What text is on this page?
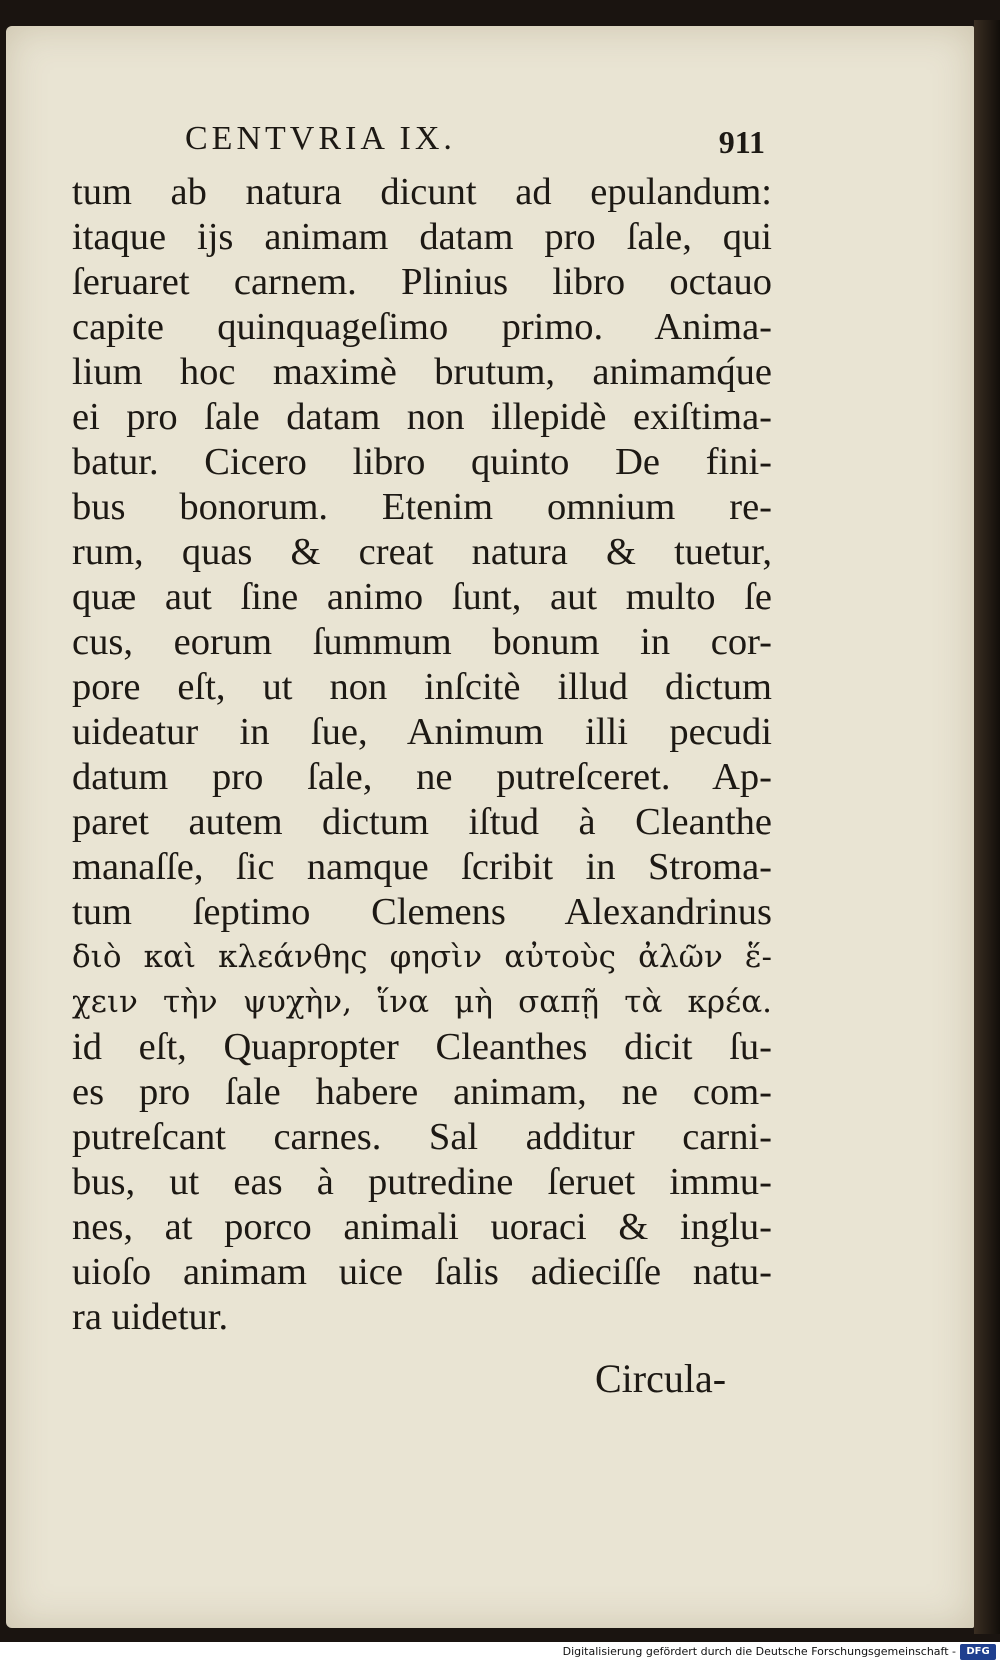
CENTVRIA IX.	911
tum ab natura dicunt ad epulandum:
itaque ijs animam datam pro ſale, qui
ſeruaret carnem. Plinius libro octauo
capite quinquageſimo primo. Anima-
lium hoc maximè brutum, animamq́ue
ei pro ſale datam non illepidè exiſtima-
batur. Cicero libro quinto De fini-
bus bonorum. Etenim omnium re-
rum, quas & creat natura & tuetur,
quæ aut ſine animo ſunt, aut multo ſe
cus, eorum ſummum bonum in cor-
pore eſt, ut non inſcitè illud dictum
uideatur in ſue, Animum illi pecudi
datum pro ſale, ne putreſceret. Ap-
paret autem dictum iſtud à Cleanthe
manaſſe, ſic namque ſcribit in Stroma-
tum ſeptimo Clemens Alexandrinus
διὸ καὶ κλεάνθης φησὶν αὐτοὺς ἀλῶν ἕ-
χειν τὴν ψυχὴν, ἵνα μὴ σαπῇ τὰ κρέα.
id eſt, Quapropter Cleanthes dicit ſu-
es pro ſale habere animam, ne com-
putreſcant carnes. Sal additur carni-
bus, ut eas à putredine ſeruet immu-
nes, at porco animali uoraci & inglu-
uioſo animam uice ſalis adieciſſe natu-
ra uidetur.
Circula-
Digitalisierung gefördert durch die Deutsche Forschungsgemeinschaft -	DFG
